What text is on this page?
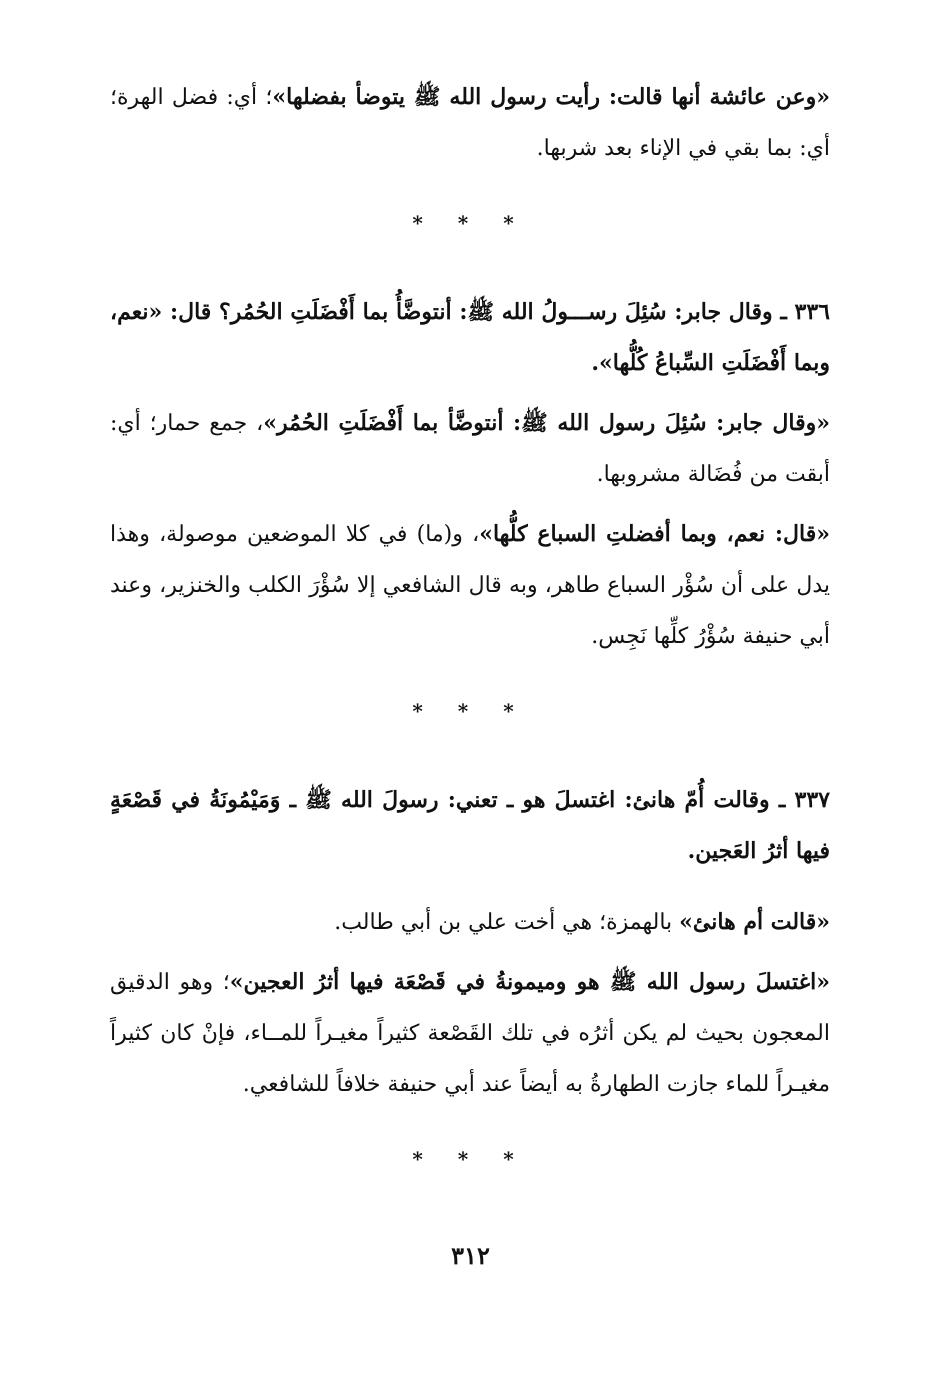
«وعن عائشة أنها قالت: رأيت رسول الله ﷺ يتوضأ بفضلها»؛ أي: فضل الهرة؛ أي: بما بقي في الإناء بعد شربها.

* * *

٣٣٦ ـ وقال جابر: سُئِلَ رســـولُ الله ﷺ: أنتوضَّأُ بما أَفْضَلَتِ الحُمُر؟ قال: «نعم، وبما أَفْضَلَتِ السِّباعُ كُلُّها».

«وقال جابر: سُئِلَ رسول الله ﷺ: أنتوضَّأ بما أَفْضَلَتِ الحُمُر»، جمع حمار؛ أي: أبقت من فُضَالة مشروبها.

«قال: نعم، وبما أفضلتِ السباع كلُّها»، و(ما) في كلا الموضعين موصولة، وهذا يدل على أن سُؤْر السباع طاهر، وبه قال الشافعي إلا سُؤْرَ الكلب والخنزير، وعند أبي حنيفة سُؤْرُ كلِّها نَجِس.

* * *

٣٣٧ ـ وقالت أُمّ هانئ: اغتسلَ هو ـ تعني: رسولَ الله ﷺ ـ وَمَيْمُونَةُ في قَصْعَةٍ فيها أثرُ العَجين.

«قالت أم هانئ» بالهمزة؛ هي أخت علي بن أبي طالب.

«اغتسلَ رسول الله ﷺ هو وميمونةُ في قَصْعَة فيها أثرُ العجين»؛ وهو الدقيق المعجون بحيث لم يكن أثرُه في تلك القَصْعة كثيراً مغيـراً للمــاء، فإنْ كان كثيراً مغيـراً للماء جازت الطهارةُ به أيضاً عند أبي حنيفة خلافاً للشافعي.

* * *
٣١٢
